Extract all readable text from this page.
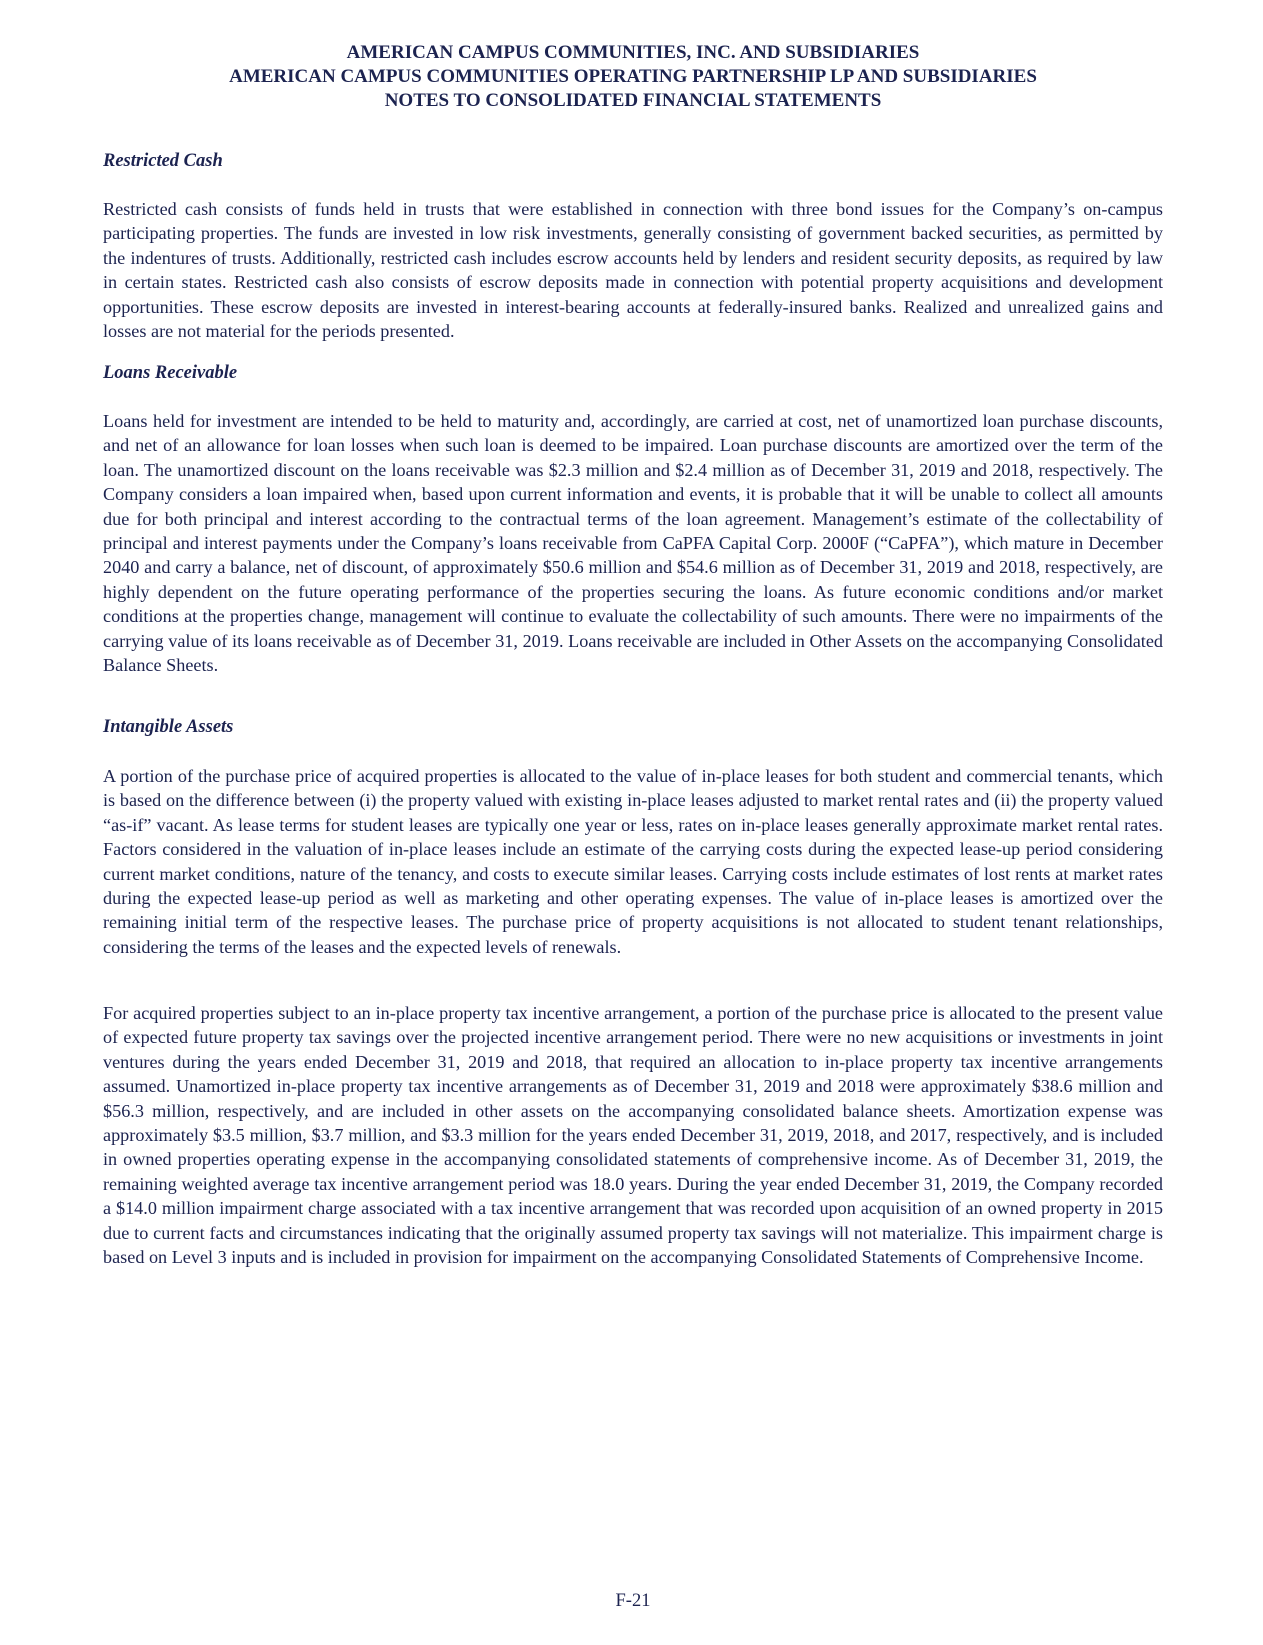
AMERICAN CAMPUS COMMUNITIES, INC. AND SUBSIDIARIES
AMERICAN CAMPUS COMMUNITIES OPERATING PARTNERSHIP LP AND SUBSIDIARIES
NOTES TO CONSOLIDATED FINANCIAL STATEMENTS
Restricted Cash
Restricted cash consists of funds held in trusts that were established in connection with three bond issues for the Company’s on-campus participating properties. The funds are invested in low risk investments, generally consisting of government backed securities, as permitted by the indentures of trusts. Additionally, restricted cash includes escrow accounts held by lenders and resident security deposits, as required by law in certain states. Restricted cash also consists of escrow deposits made in connection with potential property acquisitions and development opportunities. These escrow deposits are invested in interest-bearing accounts at federally-insured banks. Realized and unrealized gains and losses are not material for the periods presented.
Loans Receivable
Loans held for investment are intended to be held to maturity and, accordingly, are carried at cost, net of unamortized loan purchase discounts, and net of an allowance for loan losses when such loan is deemed to be impaired. Loan purchase discounts are amortized over the term of the loan. The unamortized discount on the loans receivable was $2.3 million and $2.4 million as of December 31, 2019 and 2018, respectively. The Company considers a loan impaired when, based upon current information and events, it is probable that it will be unable to collect all amounts due for both principal and interest according to the contractual terms of the loan agreement. Management’s estimate of the collectability of principal and interest payments under the Company’s loans receivable from CaPFA Capital Corp. 2000F (“CaPFA”), which mature in December 2040 and carry a balance, net of discount, of approximately $50.6 million and $54.6 million as of December 31, 2019 and 2018, respectively, are highly dependent on the future operating performance of the properties securing the loans. As future economic conditions and/or market conditions at the properties change, management will continue to evaluate the collectability of such amounts. There were no impairments of the carrying value of its loans receivable as of December 31, 2019. Loans receivable are included in Other Assets on the accompanying Consolidated Balance Sheets.
Intangible Assets
A portion of the purchase price of acquired properties is allocated to the value of in-place leases for both student and commercial tenants, which is based on the difference between (i) the property valued with existing in-place leases adjusted to market rental rates and (ii) the property valued “as-if” vacant. As lease terms for student leases are typically one year or less, rates on in-place leases generally approximate market rental rates. Factors considered in the valuation of in-place leases include an estimate of the carrying costs during the expected lease-up period considering current market conditions, nature of the tenancy, and costs to execute similar leases. Carrying costs include estimates of lost rents at market rates during the expected lease-up period as well as marketing and other operating expenses. The value of in-place leases is amortized over the remaining initial term of the respective leases. The purchase price of property acquisitions is not allocated to student tenant relationships, considering the terms of the leases and the expected levels of renewals.
For acquired properties subject to an in-place property tax incentive arrangement, a portion of the purchase price is allocated to the present value of expected future property tax savings over the projected incentive arrangement period. There were no new acquisitions or investments in joint ventures during the years ended December 31, 2019 and 2018, that required an allocation to in-place property tax incentive arrangements assumed. Unamortized in-place property tax incentive arrangements as of December 31, 2019 and 2018 were approximately $38.6 million and $56.3 million, respectively, and are included in other assets on the accompanying consolidated balance sheets. Amortization expense was approximately $3.5 million, $3.7 million, and $3.3 million for the years ended December 31, 2019, 2018, and 2017, respectively, and is included in owned properties operating expense in the accompanying consolidated statements of comprehensive income. As of December 31, 2019, the remaining weighted average tax incentive arrangement period was 18.0 years. During the year ended December 31, 2019, the Company recorded a $14.0 million impairment charge associated with a tax incentive arrangement that was recorded upon acquisition of an owned property in 2015 due to current facts and circumstances indicating that the originally assumed property tax savings will not materialize. This impairment charge is based on Level 3 inputs and is included in provision for impairment on the accompanying Consolidated Statements of Comprehensive Income.
F-21
